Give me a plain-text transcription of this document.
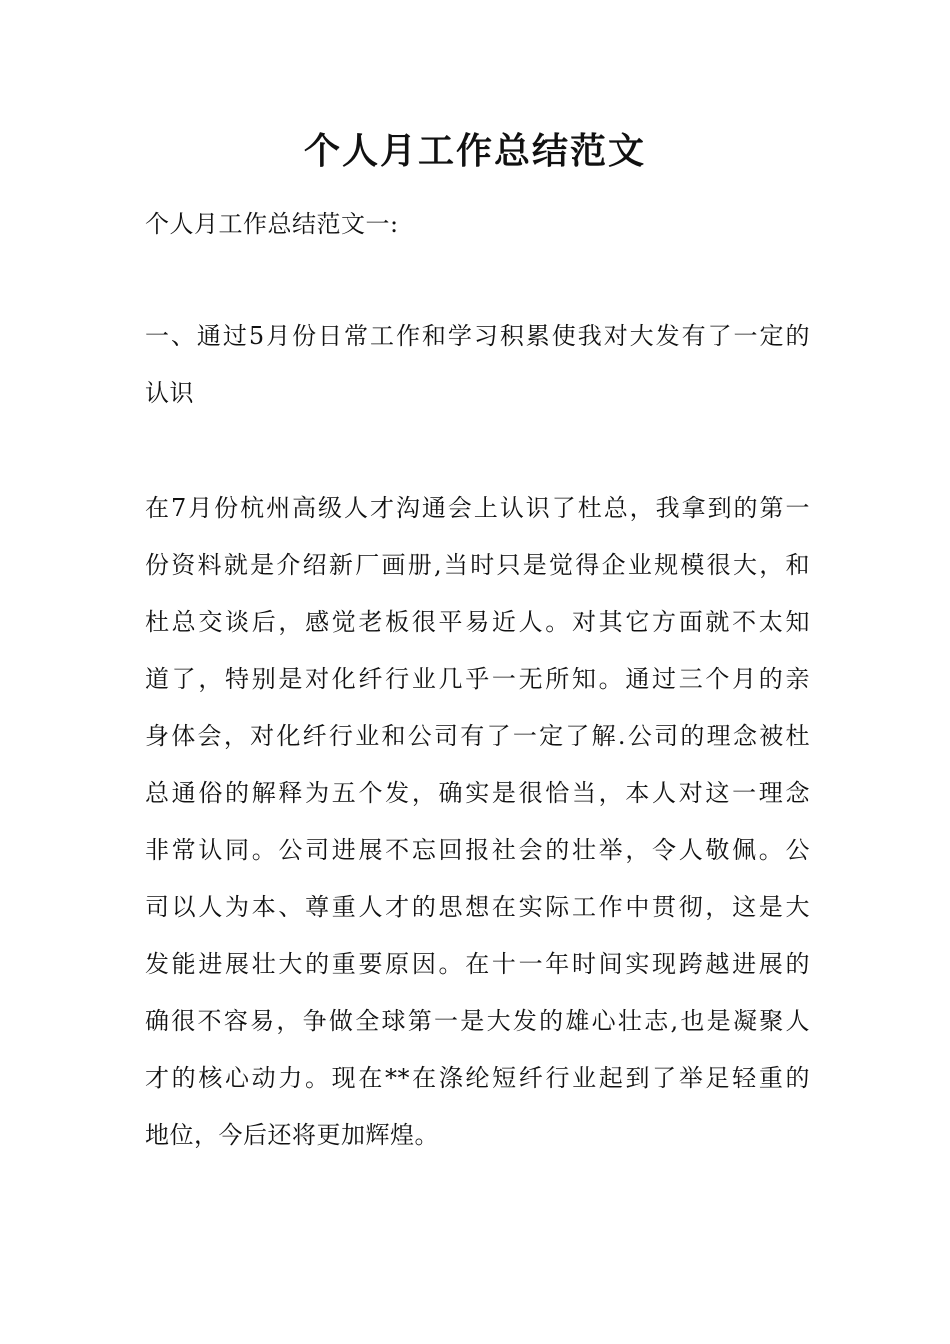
个人月工作总结范文

个人月工作总结范文一:

一、通过5月份日常工作和学习积累使我对大发有了一定的

认识

在7月份杭州高级人才沟通会上认识了杜总，我拿到的第一

份资料就是介绍新厂画册,当时只是觉得企业规模很大，和

杜总交谈后，感觉老板很平易近人。对其它方面就不太知

道了，特别是对化纤行业几乎一无所知。通过三个月的亲

身体会，对化纤行业和公司有了一定了解.公司的理念被杜

总通俗的解释为五个发，确实是很恰当，本人对这一理念

非常认同。公司进展不忘回报社会的壮举，令人敬佩。公

司以人为本、尊重人才的思想在实际工作中贯彻，这是大

发能进展壮大的重要原因。在十一年时间实现跨越进展的

确很不容易，争做全球第一是大发的雄心壮志,也是凝聚人

才的核心动力。现在**在涤纶短纤行业起到了举足轻重的

地位，今后还将更加辉煌。
